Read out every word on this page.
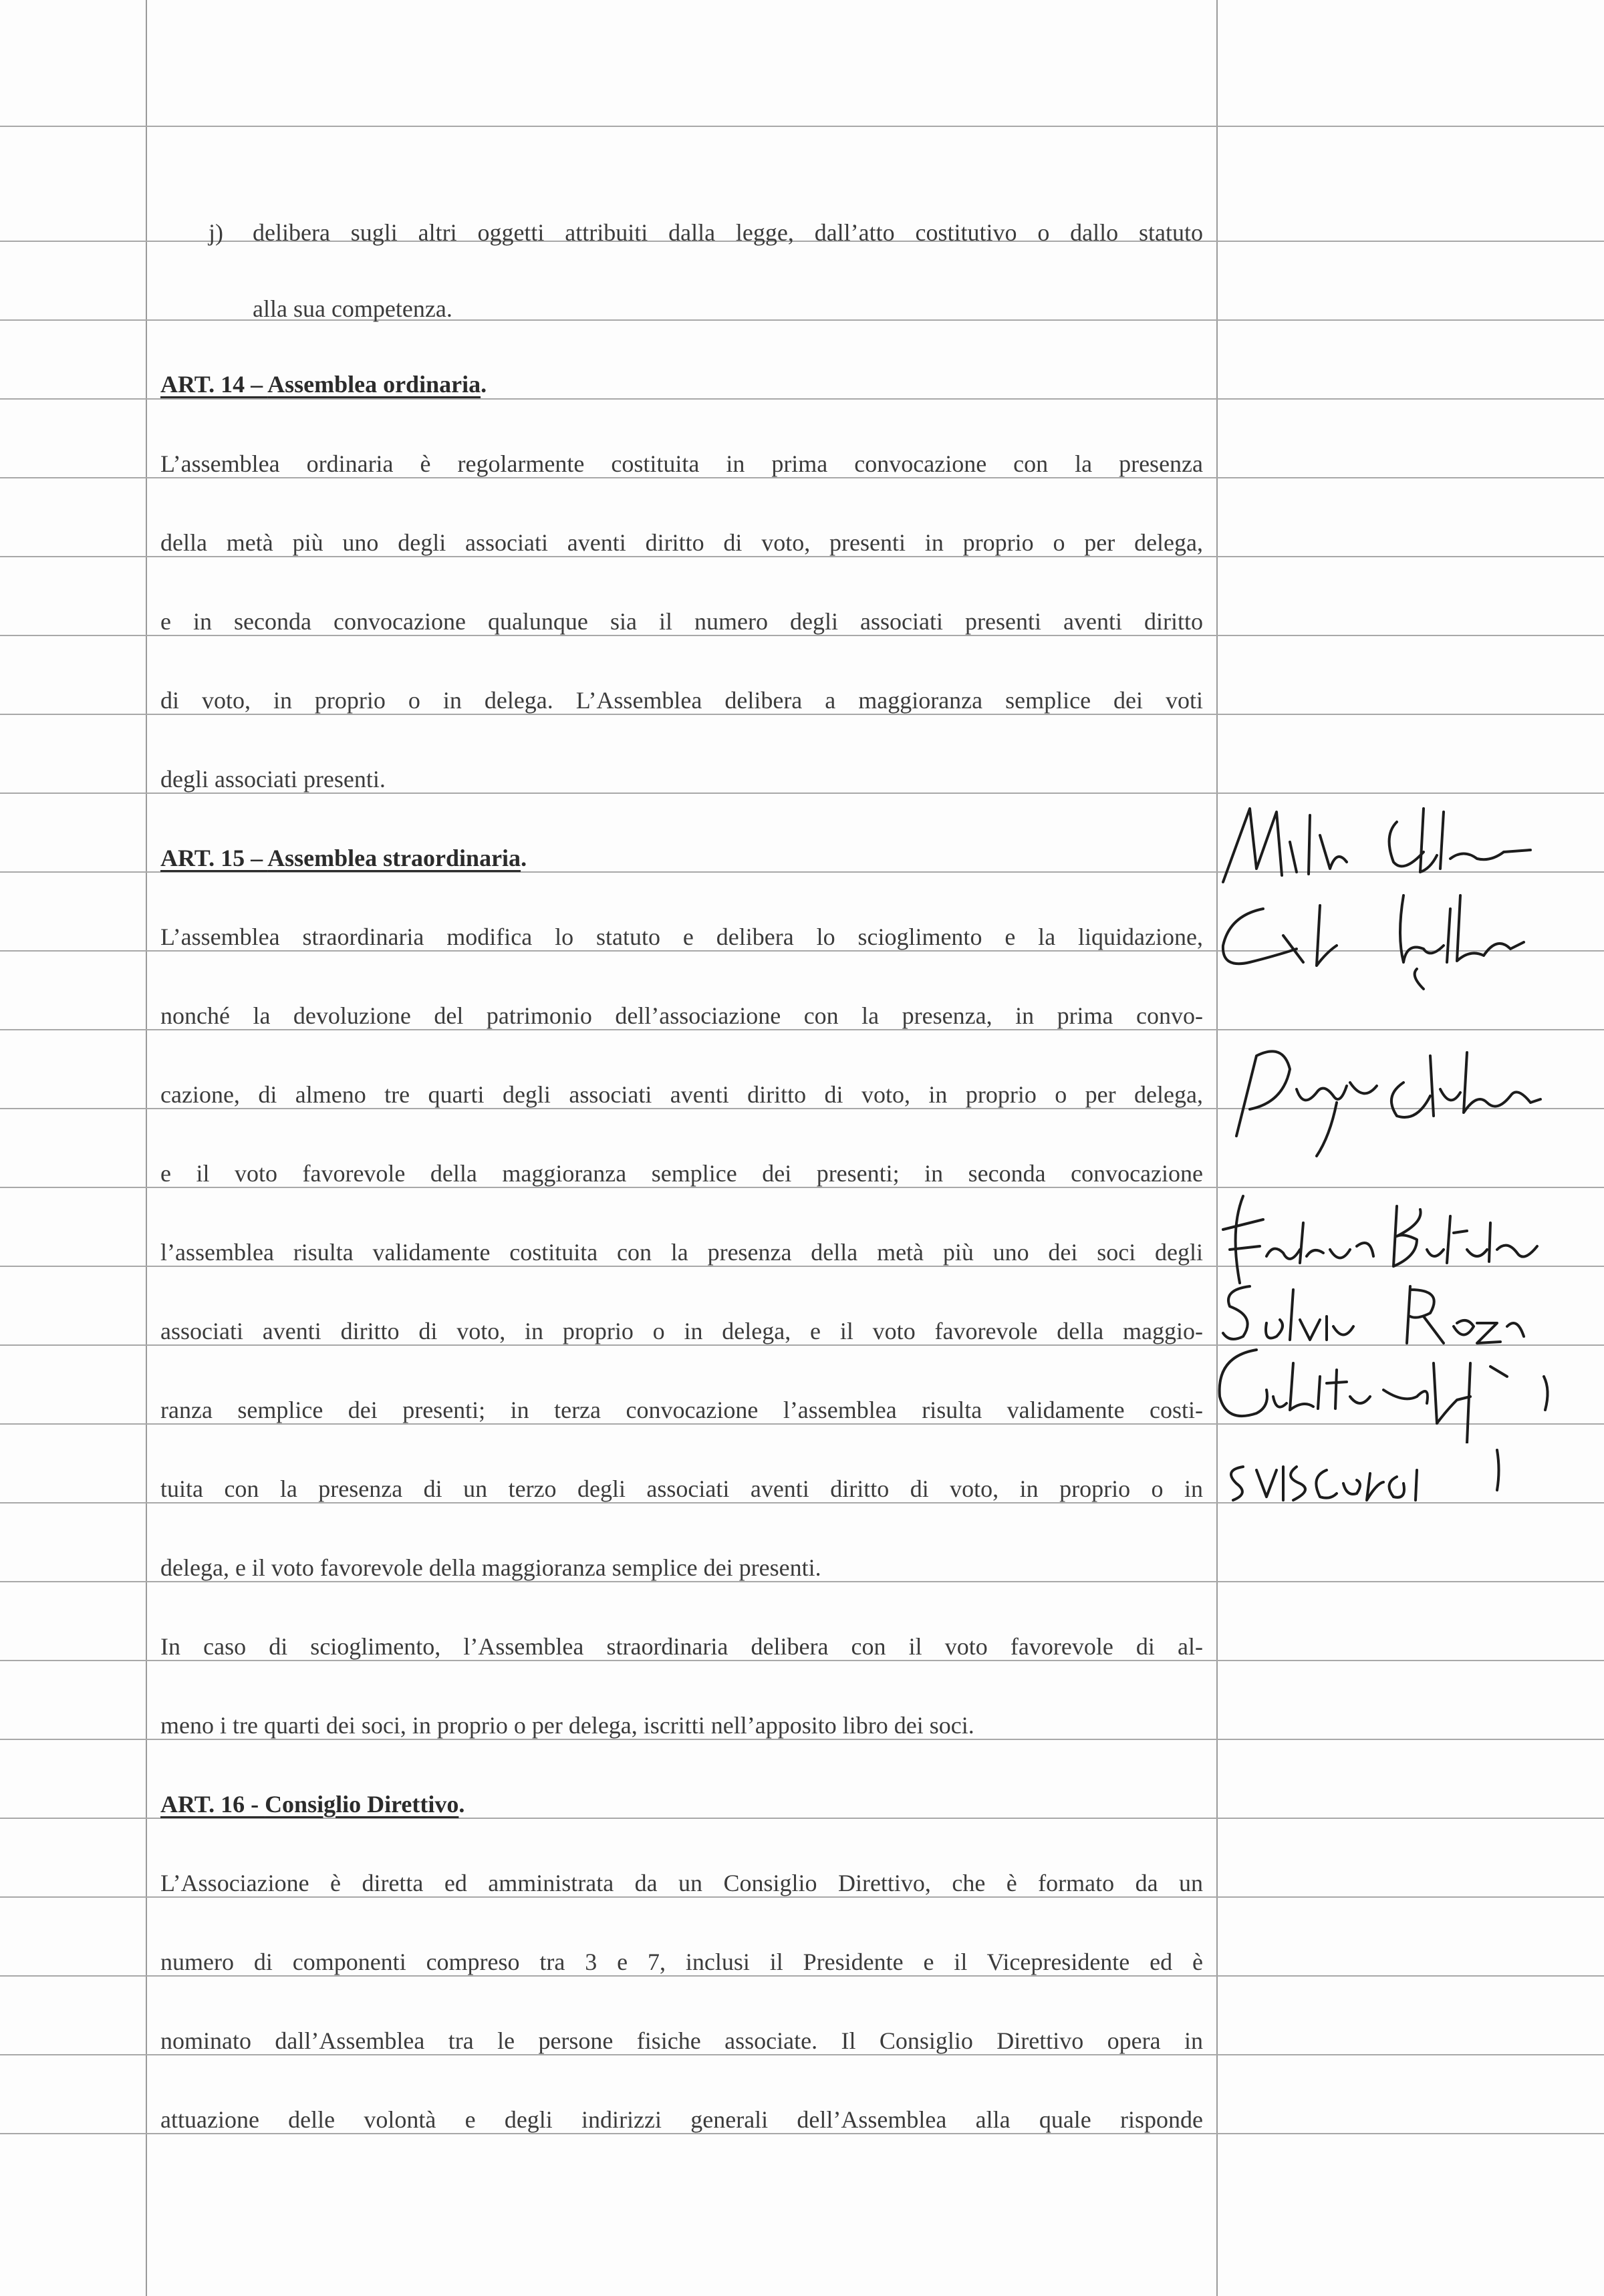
j) delibera sugli altri oggetti attribuiti dalla legge, dall’atto costitutivo o dallo statuto
alla sua competenza.
ART. 14 – Assemblea ordinaria.
L’assemblea ordinaria è regolarmente costituita in prima convocazione con la presenza
della metà più uno degli associati aventi diritto di voto, presenti in proprio o per delega,
e in seconda convocazione qualunque sia il numero degli associati presenti aventi diritto
di voto, in proprio o in delega. L’Assemblea delibera a maggioranza semplice dei voti
degli associati presenti.
ART. 15 – Assemblea straordinaria.
L’assemblea straordinaria modifica lo statuto e delibera lo scioglimento e la liquidazione,
nonché la devoluzione del patrimonio dell’associazione con la presenza, in prima convo-
cazione, di almeno tre quarti degli associati aventi diritto di voto, in proprio o per delega,
e il voto favorevole della maggioranza semplice dei presenti; in seconda convocazione
l’assemblea risulta validamente costituita con la presenza della metà più uno dei soci degli
associati aventi diritto di voto, in proprio o in delega, e il voto favorevole della maggio-
ranza semplice dei presenti; in terza convocazione l’assemblea risulta validamente costi-
tuita con la presenza di un terzo degli associati aventi diritto di voto, in proprio o in
delega, e il voto favorevole della maggioranza semplice dei presenti.
In caso di scioglimento, l’Assemblea straordinaria delibera con il voto favorevole di al-
meno i tre quarti dei soci, in proprio o per delega, iscritti nell’apposito libro dei soci.
ART. 16 - Consiglio Direttivo.
L’Associazione è diretta ed amministrata da un Consiglio Direttivo, che è formato da un
numero di componenti compreso tra 3 e 7, inclusi il Presidente e il Vicepresidente ed è
nominato dall’Assemblea tra le persone fisiche associate. Il Consiglio Direttivo opera in
attuazione delle volontà e degli indirizzi generali dell’Assemblea alla quale risponde
